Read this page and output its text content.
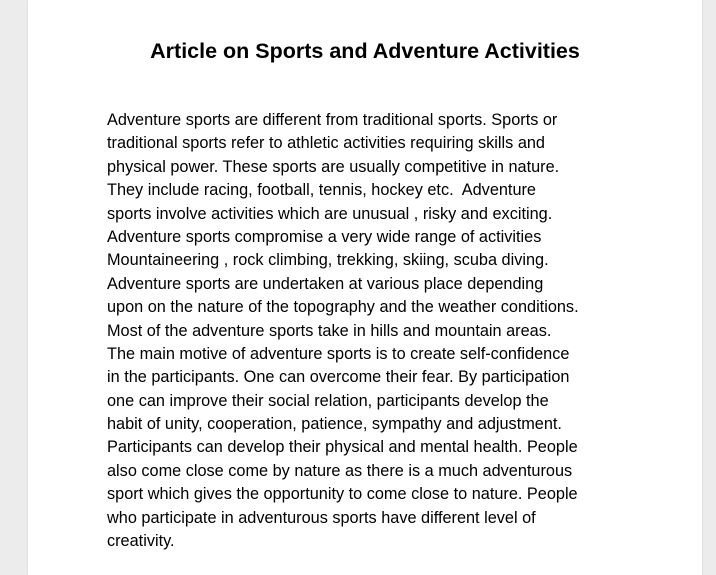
Article on Sports and Adventure Activities
Adventure sports are different from traditional sports. Sports or
traditional sports refer to athletic activities requiring skills and
physical power. These sports are usually competitive in nature.
They include racing, football, tennis, hockey etc.  Adventure
sports involve activities which are unusual , risky and exciting.
Adventure sports compromise a very wide range of activities
Mountaineering , rock climbing, trekking, skiing, scuba diving.
Adventure sports are undertaken at various place depending
upon on the nature of the topography and the weather conditions.
Most of the adventure sports take in hills and mountain areas.
The main motive of adventure sports is to create self-confidence
in the participants. One can overcome their fear. By participation
one can improve their social relation, participants develop the
habit of unity, cooperation, patience, sympathy and adjustment.
Participants can develop their physical and mental health. People
also come close come by nature as there is a much adventurous
sport which gives the opportunity to come close to nature. People
who participate in adventurous sports have different level of
creativity.
